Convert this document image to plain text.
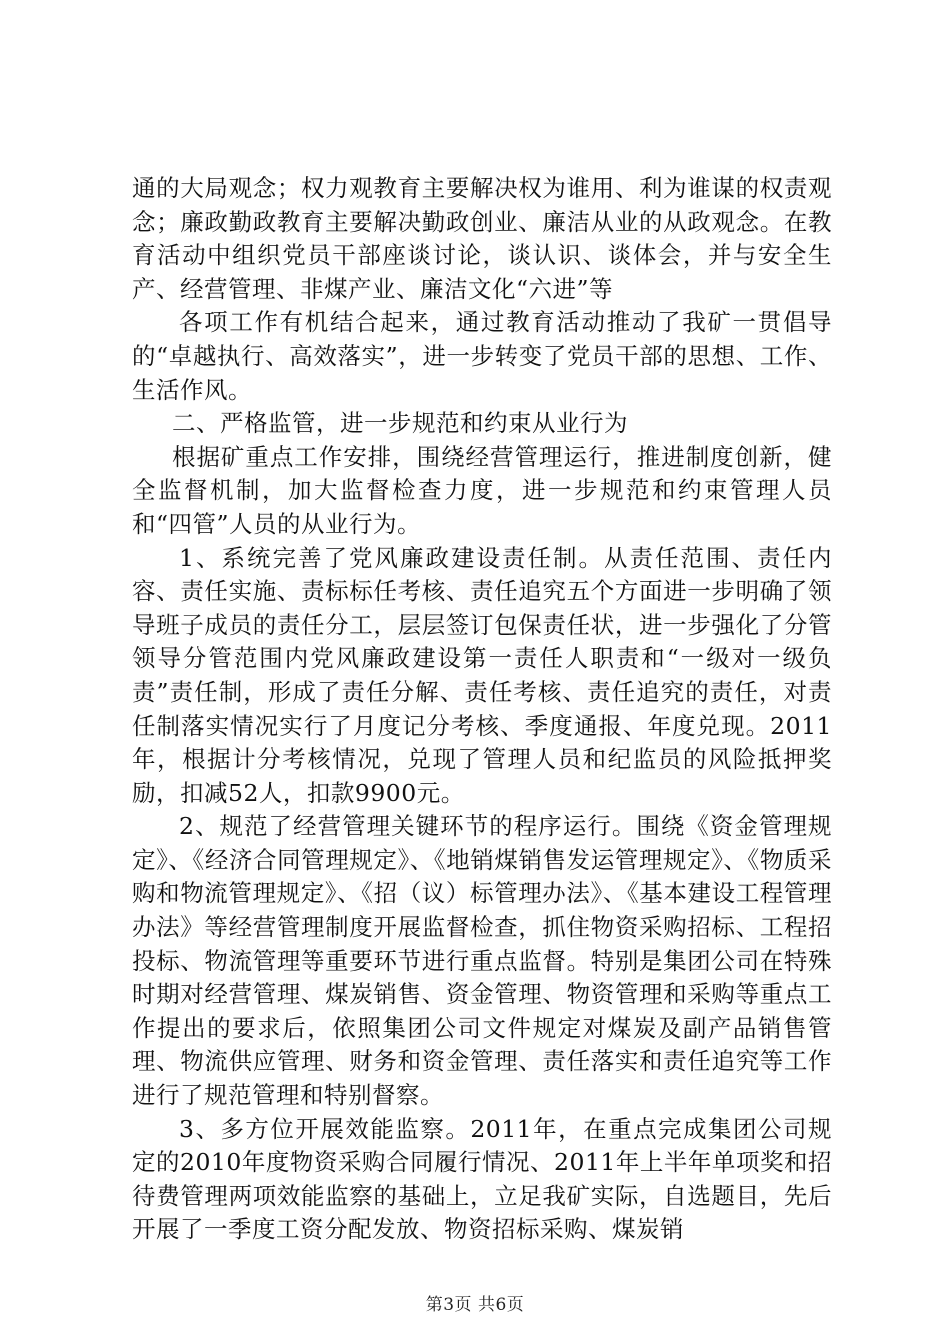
通的大局观念；权力观教育主要解决权为谁用、利为谁谋的权责观念；廉政勤政教育主要解决勤政创业、廉洁从业的从政观念。在教育活动中组织党员干部座谈讨论，谈认识、谈体会，并与安全生产、经营管理、非煤产业、廉洁文化“六进”等

各项工作有机结合起来，通过教育活动推动了我矿一贯倡导的“卓越执行、高效落实”，进一步转变了党员干部的思想、工作、生活作风。

二、严格监管，进一步规范和约束从业行为

根据矿重点工作安排，围绕经营管理运行，推进制度创新，健全监督机制，加大监督检查力度，进一步规范和约束管理人员和“四管”人员的从业行为。

1、系统完善了党风廉政建设责任制。从责任范围、责任内容、责任实施、责标标任考核、责任追究五个方面进一步明确了领导班子成员的责任分工，层层签订包保责任状，进一步强化了分管领导分管范围内党风廉政建设第一责任人职责和“一级对一级负责”责任制，形成了责任分解、责任考核、责任追究的责任，对责任制落实情况实行了月度记分考核、季度通报、年度兑现。2011年，根据计分考核情况，兑现了管理人员和纪监员的风险抵押奖励，扣减52人，扣款9900元。

2、规范了经营管理关键环节的程序运行。围绕《资金管理规定》、《经济合同管理规定》、《地销煤销售发运管理规定》、《物质采购和物流管理规定》、《招（议）标管理办法》、《基本建设工程管理办法》等经营管理制度开展监督检查，抓住物资采购招标、工程招投标、物流管理等重要环节进行重点监督。特别是集团公司在特殊时期对经营管理、煤炭销售、资金管理、物资管理和采购等重点工作提出的要求后，依照集团公司文件规定对煤炭及副产品销售管理、物流供应管理、财务和资金管理、责任落实和责任追究等工作进行了规范管理和特别督察。

3、多方位开展效能监察。2011年，在重点完成集团公司规定的2010年度物资采购合同履行情况、2011年上半年单项奖和招待费管理两项效能监察的基础上，立足我矿实际，自选题目，先后开展了一季度工资分配发放、物资招标采购、煤炭销

第3页 共6页
